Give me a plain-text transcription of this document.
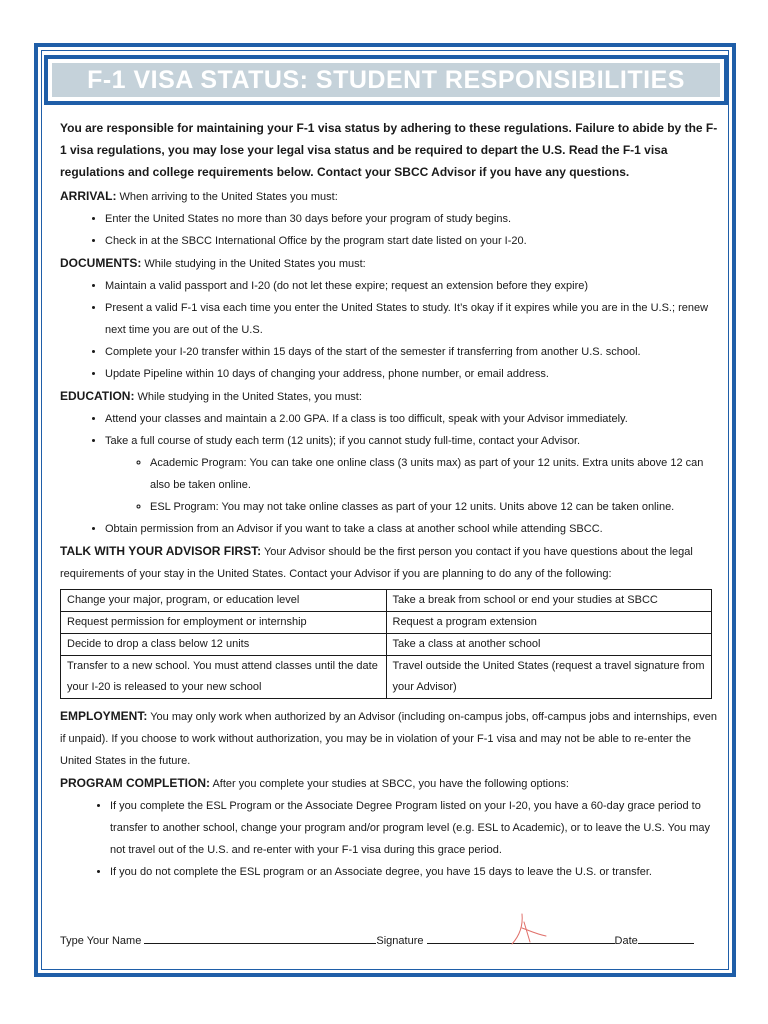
F-1 VISA STATUS: STUDENT RESPONSIBILITIES

You are responsible for maintaining your F-1 visa status by adhering to these regulations. Failure to abide by the F-1 visa regulations, you may lose your legal visa status and be required to depart the U.S. Read the F-1 visa regulations and college requirements below. Contact your SBCC Advisor if you have any questions.

ARRIVAL: When arriving to the United States you must:

• Enter the United States no more than 30 days before your program of study begins.
• Check in at the SBCC International Office by the program start date listed on your I-20.

DOCUMENTS: While studying in the United States you must:

• Maintain a valid passport and I-20 (do not let these expire; request an extension before they expire)
• Present a valid F-1 visa each time you enter the United States to study. It’s okay if it expires while you are in the U.S.; renew next time you are out of the U.S.
• Complete your I-20 transfer within 15 days of the start of the semester if transferring from another U.S. school.
• Update Pipeline within 10 days of changing your address, phone number, or email address.

EDUCATION: While studying in the United States, you must:

• Attend your classes and maintain a 2.00 GPA. If a class is too difficult, speak with your Advisor immediately.
• Take a full course of study each term (12 units); if you cannot study full-time, contact your Advisor.
◦ Academic Program: You can take one online class (3 units max) as part of your 12 units. Extra units above 12 can also be taken online.
◦ ESL Program: You may not take online classes as part of your 12 units. Units above 12 can be taken online.
• Obtain permission from an Advisor if you want to take a class at another school while attending SBCC.

TALK WITH YOUR ADVISOR FIRST: Your Advisor should be the first person you contact if you have questions about the legal requirements of your stay in the United States. Contact your Advisor if you are planning to do any of the following:

Change your major, program, or education level	Take a break from school or end your studies at SBCC
Request permission for employment or internship	Request a program extension
Decide to drop a class below 12 units	Take a class at another school
Transfer to a new school. You must attend classes until the date your I-20 is released to your new school	Travel outside the United States (request a travel signature from your Advisor)

EMPLOYMENT: You may only work when authorized by an Advisor (including on-campus jobs, off-campus jobs and internships, even if unpaid). If you choose to work without authorization, you may be in violation of your F-1 visa and may not be able to re-enter the United States in the future.

PROGRAM COMPLETION: After you complete your studies at SBCC, you have the following options:

• If you complete the ESL Program or the Associate Degree Program listed on your I-20, you have a 60-day grace period to transfer to another school, change your program and/or program level (e.g. ESL to Academic), or to leave the U.S. You may not travel out of the U.S. and re-enter with your F-1 visa during this grace period.
• If you do not complete the ESL program or an Associate degree, you have 15 days to leave the U.S. or transfer.
Type Your Name	Signature	Date
